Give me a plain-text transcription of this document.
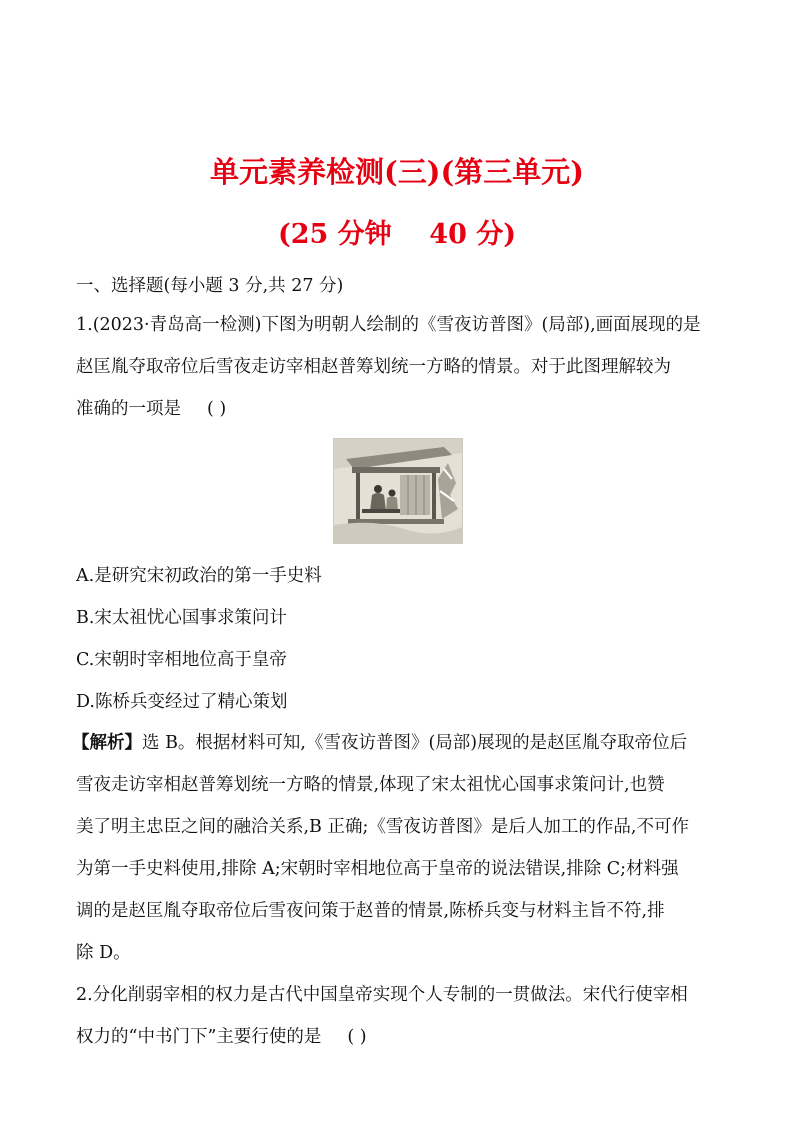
单元素养检测(三)(第三单元)
(25 分钟    40 分)
一、选择题(每小题 3 分,共 27 分)
1.(2023·青岛高一检测)下图为明朝人绘制的《雪夜访普图》(局部),画面展现的是
赵匡胤夺取帝位后雪夜走访宰相赵普筹划统一方略的情景。对于此图理解较为
准确的一项是 ( )
A.是研究宋初政治的第一手史料
B.宋太祖忧心国事求策问计
C.宋朝时宰相地位高于皇帝
D.陈桥兵变经过了精心策划
【解析】选 B。根据材料可知,《雪夜访普图》(局部)展现的是赵匡胤夺取帝位后
雪夜走访宰相赵普筹划统一方略的情景,体现了宋太祖忧心国事求策问计,也赞
美了明主忠臣之间的融洽关系,B 正确;《雪夜访普图》是后人加工的作品,不可作
为第一手史料使用,排除 A;宋朝时宰相地位高于皇帝的说法错误,排除 C;材料强
调的是赵匡胤夺取帝位后雪夜问策于赵普的情景,陈桥兵变与材料主旨不符,排
除 D。
2.分化削弱宰相的权力是古代中国皇帝实现个人专制的一贯做法。宋代行使宰相
权力的“中书门下”主要行使的是 ( )
